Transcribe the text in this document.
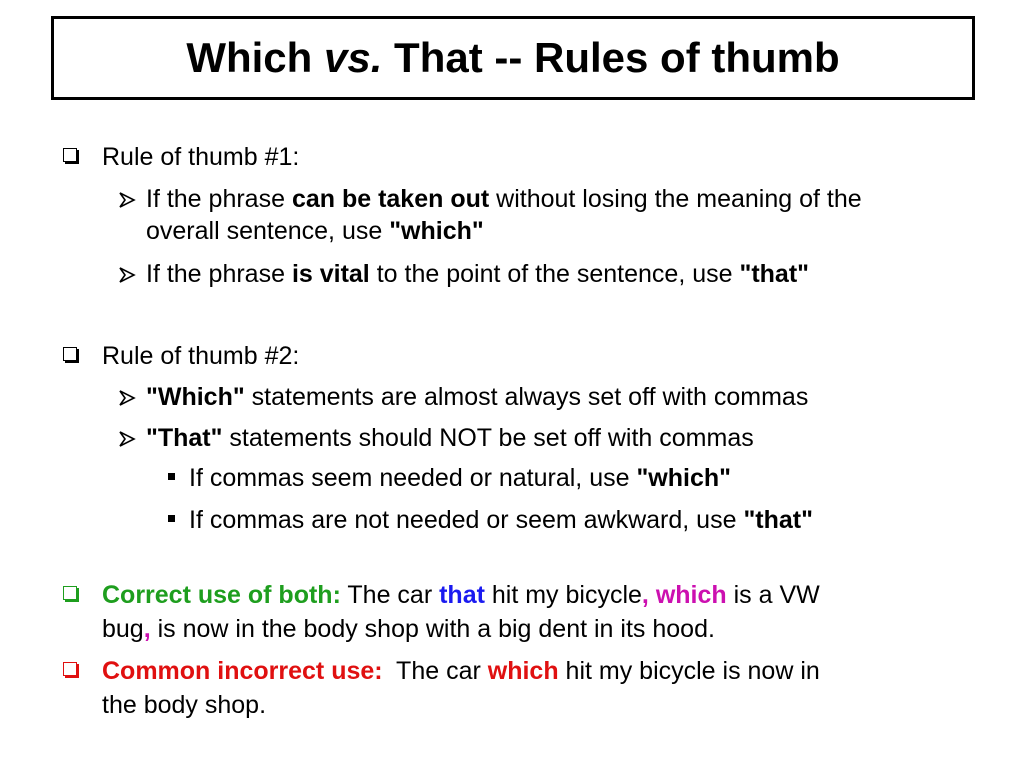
Which vs. That -- Rules of thumb
Rule of thumb #1:
If the phrase can be taken out without losing the meaning of the
overall sentence, use "which"
If the phrase is vital to the point of the sentence, use "that"
Rule of thumb #2:
"Which" statements are almost always set off with commas
"That" statements should NOT be set off with commas
If commas seem needed or natural, use "which"
If commas are not needed or seem awkward, use "that"
Correct use of both: The car that hit my bicycle, which is a VW
bug, is now in the body shop with a big dent in its hood.
Common incorrect use:  The car which hit my bicycle is now in
the body shop.
